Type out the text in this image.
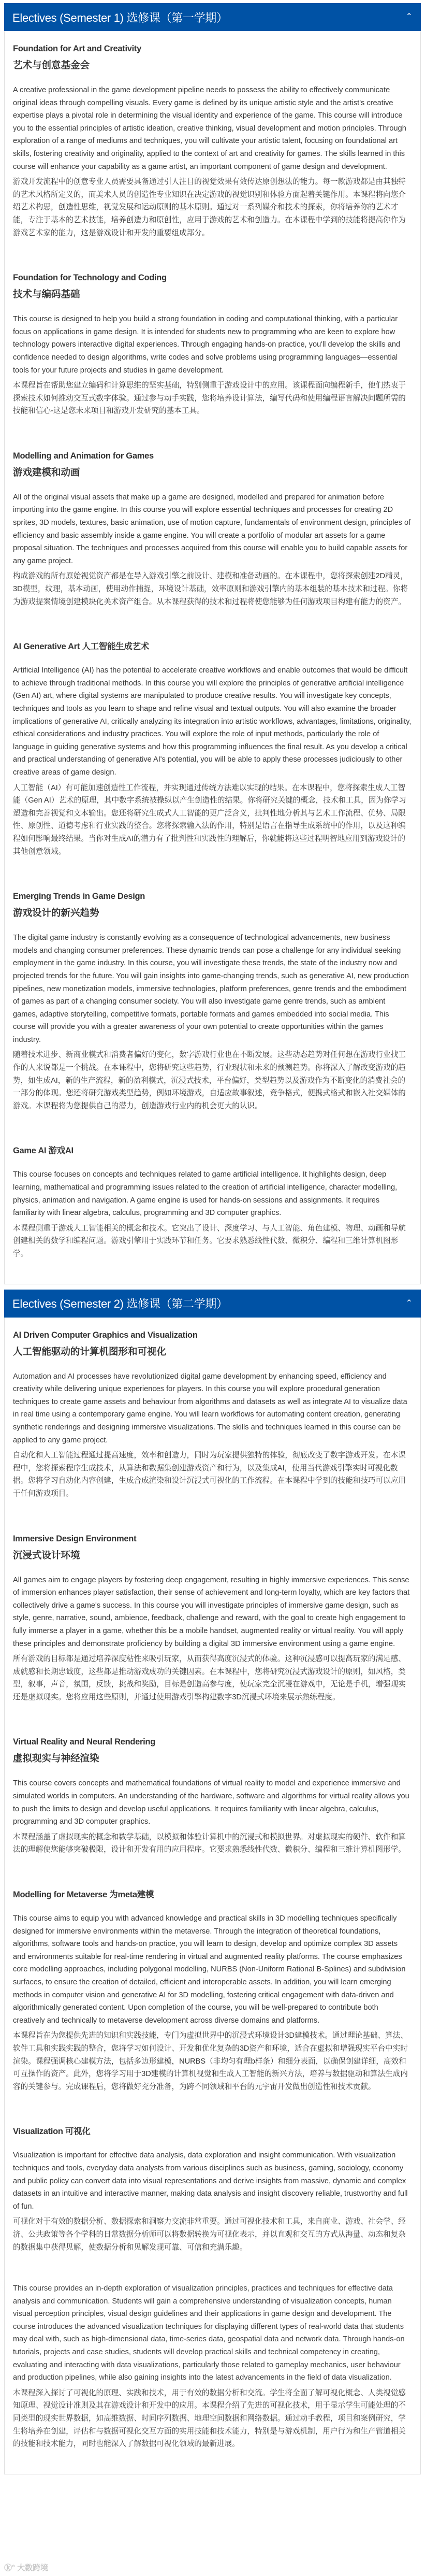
Electives (Semester 1) 选修课（第一学期）	⌃
Foundation for Art and Creativity
艺术与创意基金会

A creative professional in the game development pipeline needs to possess the ability to effectively communicate original ideas through compelling visuals. Every game is defined by its unique artistic style and the artist's creative expertise plays a pivotal role in determining the visual identity and experience of the game. This course will introduce you to the essential principles of artistic ideation, creative thinking, visual development and motion principles. Through exploration of a range of mediums and techniques, you will cultivate your artistic talent, focusing on foundational art skills, fostering creativity and originality, applied to the context of art and creativity for games. The skills learned in this course will enhance your capability as a game artist, an important component of game design and development.

游戏开发流程中的创意专业人员需要具备通过引人注目的视觉效果有效传达原创想法的能力。每一款游戏都是由其独特的艺术风格所定义的，而美术人员的创造性专业知识在决定游戏的视觉识别和体验方面起着关键作用。本课程将向您介绍艺术构思，创造性思维，视觉发展和运动原则的基本原则。通过对一系列媒介和技术的探索，你将培养你的艺术才能，专注于基本的艺术技能，培养创造力和原创性，应用于游戏的艺术和创造力。在本课程中学到的技能将提高你作为游戏艺术家的能力，这是游戏设计和开发的重要组成部分。

Foundation for Technology and Coding
技术与编码基础

This course is designed to help you build a strong foundation in coding and computational thinking, with a particular focus on applications in game design. It is intended for students new to programming who are keen to explore how technology powers interactive digital experiences. Through engaging hands-on practice, you'll develop the skills and confidence needed to design algorithms, write codes and solve problems using programming languages—essential tools for your future projects and studies in game development.

本课程旨在帮助您建立编码和计算思维的坚实基础，特别侧重于游戏设计中的应用。该课程面向编程新手，他们热衷于探索技术如何推动交互式数字体验。通过参与动手实践，您将培养设计算法，编写代码和使用编程语言解决问题所需的技能和信心-这是您未来项目和游戏开发研究的基本工具。

Modelling and Animation for Games
游戏建模和动画

All of the original visual assets that make up a game are designed, modelled and prepared for animation before importing into the game engine. In this course you will explore essential techniques and processes for creating 2D sprites, 3D models, textures, basic animation, use of motion capture, fundamentals of environment design, principles of efficiency and basic assembly inside a game engine. You will create a portfolio of modular art assets for a game proposal situation. The techniques and processes acquired from this course will enable you to build capable assets for any game project.

构成游戏的所有原始视觉资产都是在导入游戏引擎之前设计、建模和准备动画的。在本课程中，您将探索创建2D精灵，3D模型，纹理，基本动画，使用动作捕捉，环境设计基础，效率原则和游戏引擎内的基本组装的基本技术和过程。你将为游戏提案情境创建模块化美术资产组合。从本课程获得的技术和过程将使您能够为任何游戏项目构建有能力的资产。

AI Generative Art 人工智能生成艺术

Artificial Intelligence (AI) has the potential to accelerate creative workflows and enable outcomes that would be difficult to achieve through traditional methods. In this course you will explore the principles of generative artificial intelligence (Gen AI) art, where digital systems are manipulated to produce creative results. You will investigate key concepts, techniques and tools as you learn to shape and refine visual and textual outputs. You will also examine the broader implications of generative AI, critically analyzing its integration into artistic workflows, advantages, limitations, originality, ethical considerations and industry practices. You will explore the role of input methods, particularly the role of language in guiding generative systems and how this programming influences the final result. As you develop a critical and practical understanding of generative AI's potential, you will be able to apply these processes judiciously to other creative areas of game design.

人工智能（AI）有可能加速创造性工作流程，并实现通过传统方法难以实现的结果。在本课程中，您将探索生成人工智能（Gen AI）艺术的原理，其中数字系统被操纵以产生创造性的结果。你将研究关键的概念，技术和工具，因为你学习塑造和完善视觉和文本输出。您还将研究生成式人工智能的更广泛含义，批判性地分析其与艺术工作流程、优势、局限性、原创性、道德考虑和行业实践的整合。您将探索输入法的作用，特别是语言在指导生成系统中的作用，以及这种编程如何影响最终结果。当你对生成AI的潜力有了批判性和实践性的理解后，你就能将这些过程明智地应用到游戏设计的其他创意领域。

Emerging Trends in Game Design
游戏设计的新兴趋势

The digital game industry is constantly evolving as a consequence of technological advancements, new business models and changing consumer preferences. These dynamic trends can pose a challenge for any individual seeking employment in the game industry. In this course, you will investigate these trends, the state of the industry now and projected trends for the future. You will gain insights into game-changing trends, such as generative AI, new production pipelines, new monetization models, immersive technologies, platform preferences, genre trends and the embodiment of games as part of a changing consumer society. You will also investigate game genre trends, such as ambient games, adaptive storytelling, competitive formats, portable formats and games embedded into social media. This course will provide you with a greater awareness of your own potential to create opportunities within the games industry.

随着技术进步、新商业模式和消费者偏好的变化，数字游戏行业也在不断发展。这些动态趋势对任何想在游戏行业找工作的人来说都是一个挑战。在本课程中，您将研究这些趋势，行业现状和未来的预测趋势。你将深入了解改变游戏的趋势，如生成AI，新的生产流程，新的盈利模式，沉浸式技术，平台偏好，类型趋势以及游戏作为不断变化的消费社会的一部分的体现。您还将研究游戏类型趋势，例如环境游戏，自适应故事叙述，竞争格式，便携式格式和嵌入社交媒体的游戏。本课程将为您提供自己的潜力，创造游戏行业内的机会更大的认识。

Game AI 游戏AI

This course focuses on concepts and techniques related to game artificial intelligence. It highlights design, deep learning, mathematical and programming issues related to the creation of artificial intelligence, character modelling, physics, animation and navigation. A game engine is used for hands-on sessions and assignments. It requires familiarity with linear algebra, calculus, programming and 3D computer graphics.

本课程侧重于游戏人工智能相关的概念和技术。它突出了设计、深度学习、与人工智能、角色建模、物理、动画和导航创建相关的数学和编程问题。游戏引擎用于实践环节和任务。它要求熟悉线性代数、微积分、编程和三维计算机图形学。

Electives (Semester 2) 选修课（第二学期）	⌃
AI Driven Computer Graphics and Visualization
人工智能驱动的计算机图形和可视化

Automation and AI processes have revolutionized digital game development by enhancing speed, efficiency and creativity while delivering unique experiences for players. In this course you will explore procedural generation techniques to create game assets and behaviour from algorithms and datasets as well as integrate AI to visualize data in real time using a contemporary game engine. You will learn workflows for automating content creation, generating synthetic renderings and designing immersive visualizations. The skills and techniques learned in this course can be applied to any game project.

自动化和人工智能过程通过提高速度，效率和创造力，同时为玩家提供独特的体验，彻底改变了数字游戏开发。在本课程中，您将探索程序生成技术，从算法和数据集创建游戏资产和行为，以及集成AI，使用当代游戏引擎实时可视化数据。您将学习自动化内容创建，生成合成渲染和设计沉浸式可视化的工作流程。在本课程中学到的技能和技巧可以应用于任何游戏项目。

Immersive Design Environment
沉浸式设计环境

All games aim to engage players by fostering deep engagement, resulting in highly immersive experiences. This sense of immersion enhances player satisfaction, their sense of achievement and long-term loyalty, which are key factors that collectively drive a game's success. In this course you will investigate principles of immersive game design, such as style, genre, narrative, sound, ambience, feedback, challenge and reward, with the goal to create high engagement to fully immerse a player in a game, whether this be a mobile handset, augmented reality or virtual reality. You will apply these principles and demonstrate proficiency by building a digital 3D immersive environment using a game engine.

所有游戏的目标都是通过培养深度粘性来吸引玩家，从而获得高度沉浸式的体验。这种沉浸感可以提高玩家的满足感、成就感和长期忠诚度，这些都是推动游戏成功的关键因素。在本课程中，您将研究沉浸式游戏设计的原则，如风格，类型，叙事，声音，氛围，反馈，挑战和奖励，目标是创造高参与度，使玩家完全沉浸在游戏中，无论是手机，增强现实还是虚拟现实。您将应用这些原则，并通过使用游戏引擎构建数字3D沉浸式环境来展示熟练程度。

Virtual Reality and Neural Rendering
虚拟现实与神经渲染

This course covers concepts and mathematical foundations of virtual reality to model and experience immersive and simulated worlds in computers. An understanding of the hardware, software and algorithms for virtual reality allows you to push the limits to design and develop useful applications. It requires familiarity with linear algebra, calculus, programming and 3D computer graphics.

本课程涵盖了虚拟现实的概念和数学基础，以模拟和体验计算机中的沉浸式和模拟世界。对虚拟现实的硬件、软件和算法的理解使您能够突破极限，设计和开发有用的应用程序。它要求熟悉线性代数、微积分、编程和三维计算机图形学。

Modelling for Metaverse 为meta建模

This course aims to equip you with advanced knowledge and practical skills in 3D modelling techniques specifically designed for immersive environments within the metaverse. Through the integration of theoretical foundations, algorithms, software tools and hands-on practice, you will learn to design, develop and optimize complex 3D assets and environments suitable for real-time rendering in virtual and augmented reality platforms. The course emphasizes core modelling approaches, including polygonal modelling, NURBS (Non-Uniform Rational B-Splines) and subdivision surfaces, to ensure the creation of detailed, efficient and interoperable assets. In addition, you will learn emerging methods in computer vision and generative AI for 3D modelling, fostering critical engagement with data-driven and algorithmically generated content. Upon completion of the course, you will be well-prepared to contribute both creatively and technically to metaverse development across diverse domains and platforms.

本课程旨在为您提供先进的知识和实践技能，专门为虚拟世界中的沉浸式环境设计3D建模技术。通过理论基础、算法、软件工具和实践实践的整合，您将学习如何设计、开发和优化复杂的3D资产和环境，适合在虚拟和增强现实平台中实时渲染。课程强调核心建模方法，包括多边形建模，NURBS（非均匀有理b样条）和细分表面，以确保创建详细，高效和可互操作的资产。此外，您将学习用于3D建模的计算机视觉和生成人工智能的新兴方法，培养与数据驱动和算法生成内容的关键参与。完成课程后，您将做好充分准备，为跨不同领域和平台的元宇宙开发做出创造性和技术贡献。

Visualization 可视化

Visualization is important for effective data analysis, data exploration and insight communication. With visualization techniques and tools, everyday data analysts from various disciplines such as business, gaming, sociology, economy and public policy can convert data into visual representations and derive insights from massive, dynamic and complex datasets in an intuitive and interactive manner, making data analysis and insight discovery reliable, trustworthy and full of fun.

可视化对于有效的数据分析、数据探索和洞察力交流非常重要。通过可视化技术和工具，来自商业、游戏、社会学、经济、公共政策等各个学科的日常数据分析师可以将数据转换为可视化表示，并以直观和交互的方式从海量、动态和复杂的数据集中获得见解，使数据分析和见解发现可靠、可信和充满乐趣。

This course provides an in-depth exploration of visualization principles, practices and techniques for effective data analysis and communication. Students will gain a comprehensive understanding of visualization concepts, human visual perception principles, visual design guidelines and their applications in game design and development. The course introduces the advanced visualization techniques for displaying different types of real-world data that students may deal with, such as high-dimensional data, time-series data, geospatial data and network data. Through hands-on tutorials, projects and case studies, students will develop practical skills and technical competency in creating, evaluating and interacting with data visualizations, particularly those related to gameplay mechanics, user behaviour and production pipelines, while also gaining insights into the latest advancements in the field of data visualization.

本课程深入探讨了可视化的原理、实践和技术，用于有效的数据分析和交流。学生将全面了解可视化概念、人类视觉感知原理、视觉设计准则及其在游戏设计和开发中的应用。本课程介绍了先进的可视化技术，用于显示学生可能处理的不同类型的现实世界数据，如高维数据、时间序列数据、地理空间数据和网络数据。通过动手教程，项目和案例研究，学生将培养在创建，评估和与数据可视化交互方面的实用技能和技术能力，特别是与游戏机制，用户行为和生产管道相关的技能和技术能力，同时也能深入了解数据可视化领域的最新进展。

ⓚ° 大数跨境
